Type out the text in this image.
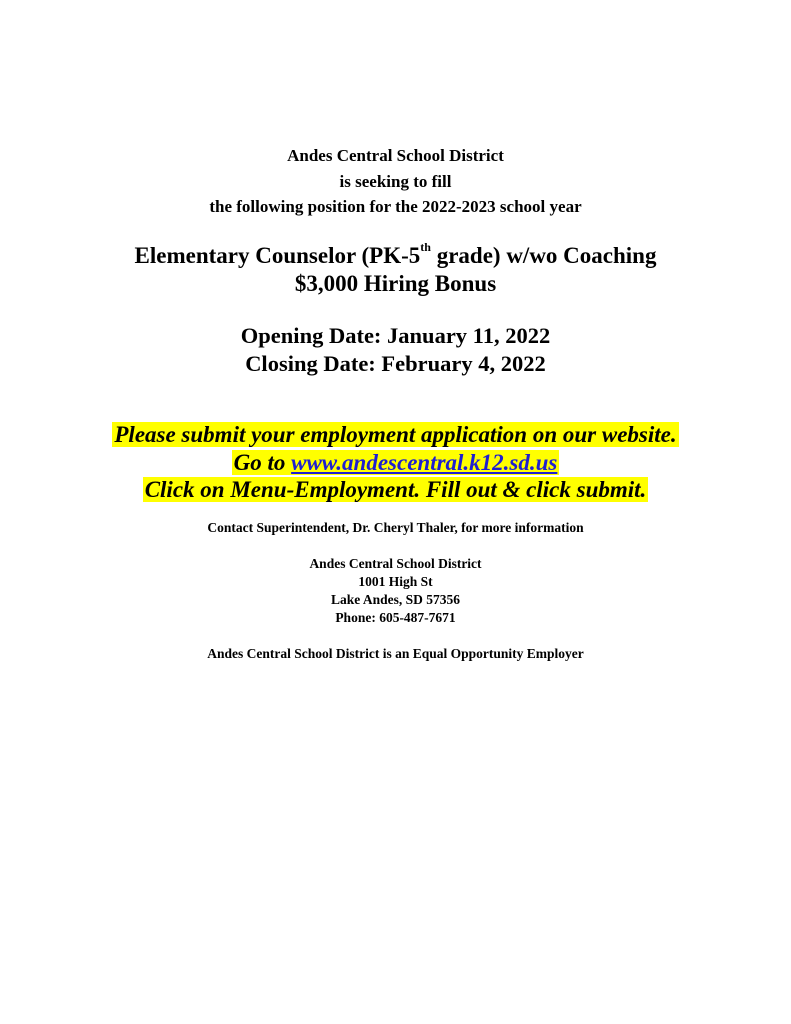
Andes Central School District
is seeking to fill
the following position for the 2022-2023 school year
Elementary Counselor (PK-5th grade) w/wo Coaching
$3,000 Hiring Bonus
Opening Date: January 11, 2022
Closing Date: February 4, 2022
Please submit your employment application on our website.
Go to www.andescentral.k12.sd.us
Click on Menu-Employment. Fill out & click submit.
Contact Superintendent, Dr. Cheryl Thaler, for more information
Andes Central School District
1001 High St
Lake Andes, SD 57356
Phone: 605-487-7671
Andes Central School District is an Equal Opportunity Employer
